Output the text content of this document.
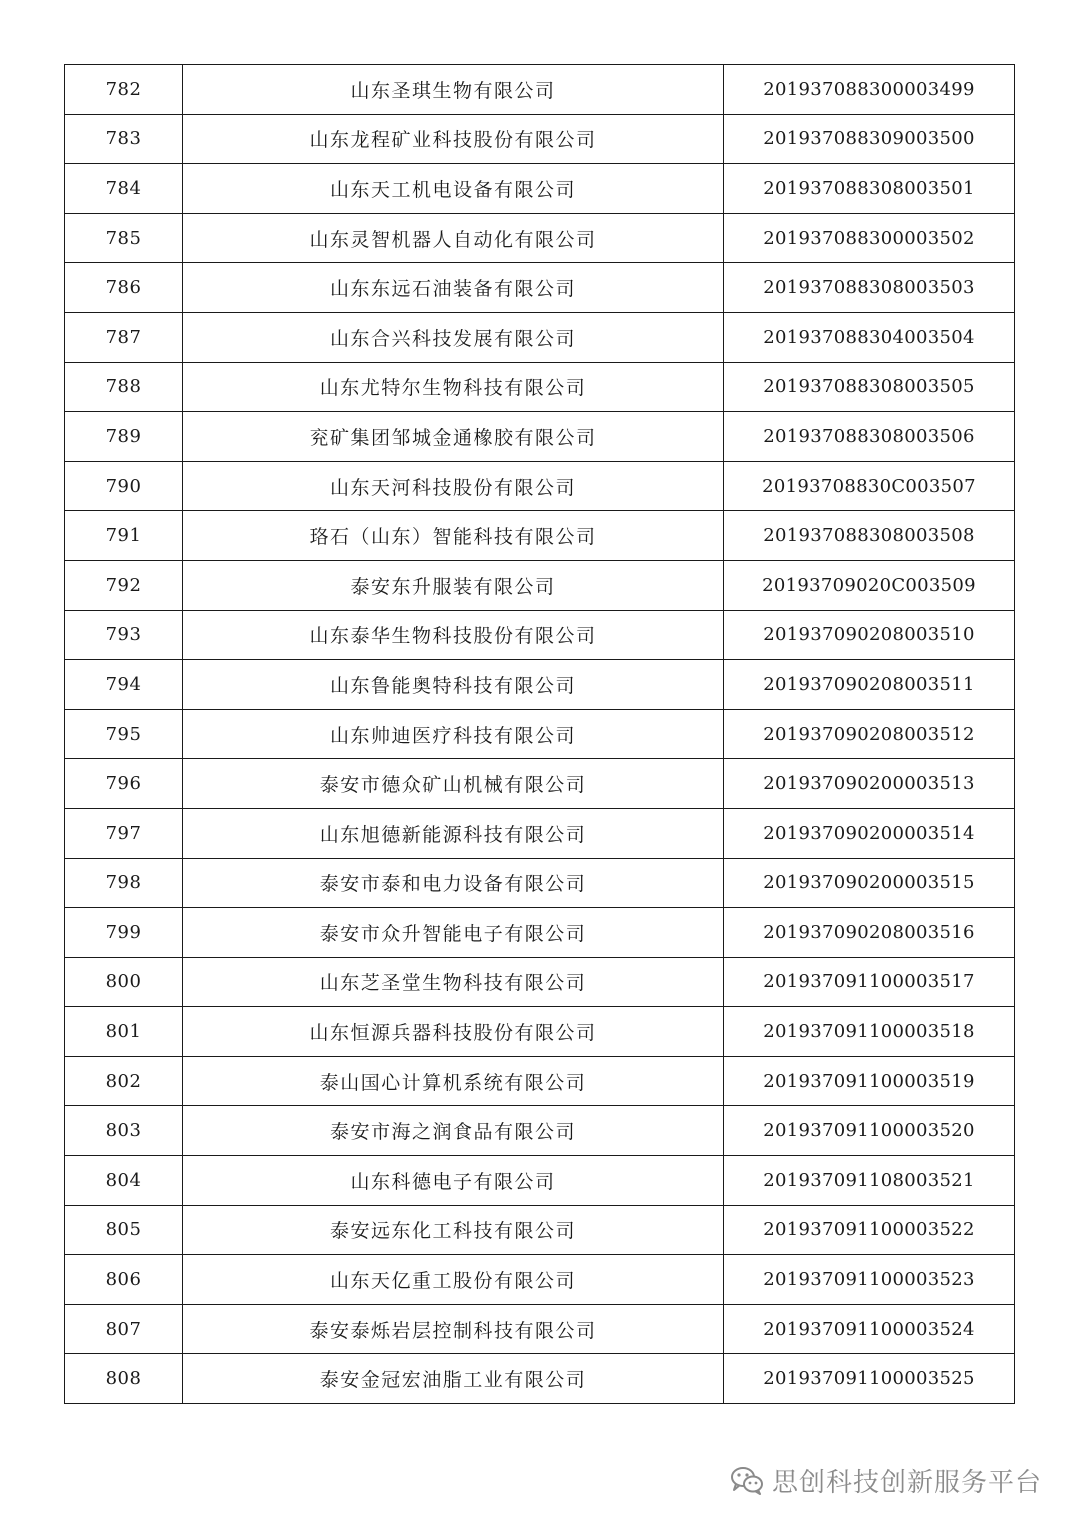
782	山东圣琪生物有限公司	201937088300003499
783	山东龙程矿业科技股份有限公司	201937088309003500
784	山东天工机电设备有限公司	201937088308003501
785	山东灵智机器人自动化有限公司	201937088300003502
786	山东东远石油装备有限公司	201937088308003503
787	山东合兴科技发展有限公司	201937088304003504
788	山东尤特尔生物科技有限公司	201937088308003505
789	兖矿集团邹城金通橡胶有限公司	201937088308003506
790	山东天河科技股份有限公司	20193708830C003507
791	珞石（山东）智能科技有限公司	201937088308003508
792	泰安东升服装有限公司	20193709020C003509
793	山东泰华生物科技股份有限公司	201937090208003510
794	山东鲁能奥特科技有限公司	201937090208003511
795	山东帅迪医疗科技有限公司	201937090208003512
796	泰安市德众矿山机械有限公司	201937090200003513
797	山东旭德新能源科技有限公司	201937090200003514
798	泰安市泰和电力设备有限公司	201937090200003515
799	泰安市众升智能电子有限公司	201937090208003516
800	山东芝圣堂生物科技有限公司	201937091100003517
801	山东恒源兵器科技股份有限公司	201937091100003518
802	泰山国心计算机系统有限公司	201937091100003519
803	泰安市海之润食品有限公司	201937091100003520
804	山东科德电子有限公司	201937091108003521
805	泰安远东化工科技有限公司	201937091100003522
806	山东天亿重工股份有限公司	201937091100003523
807	泰安泰烁岩层控制科技有限公司	201937091100003524
808	泰安金冠宏油脂工业有限公司	201937091100003525
思创科技创新服务平台
